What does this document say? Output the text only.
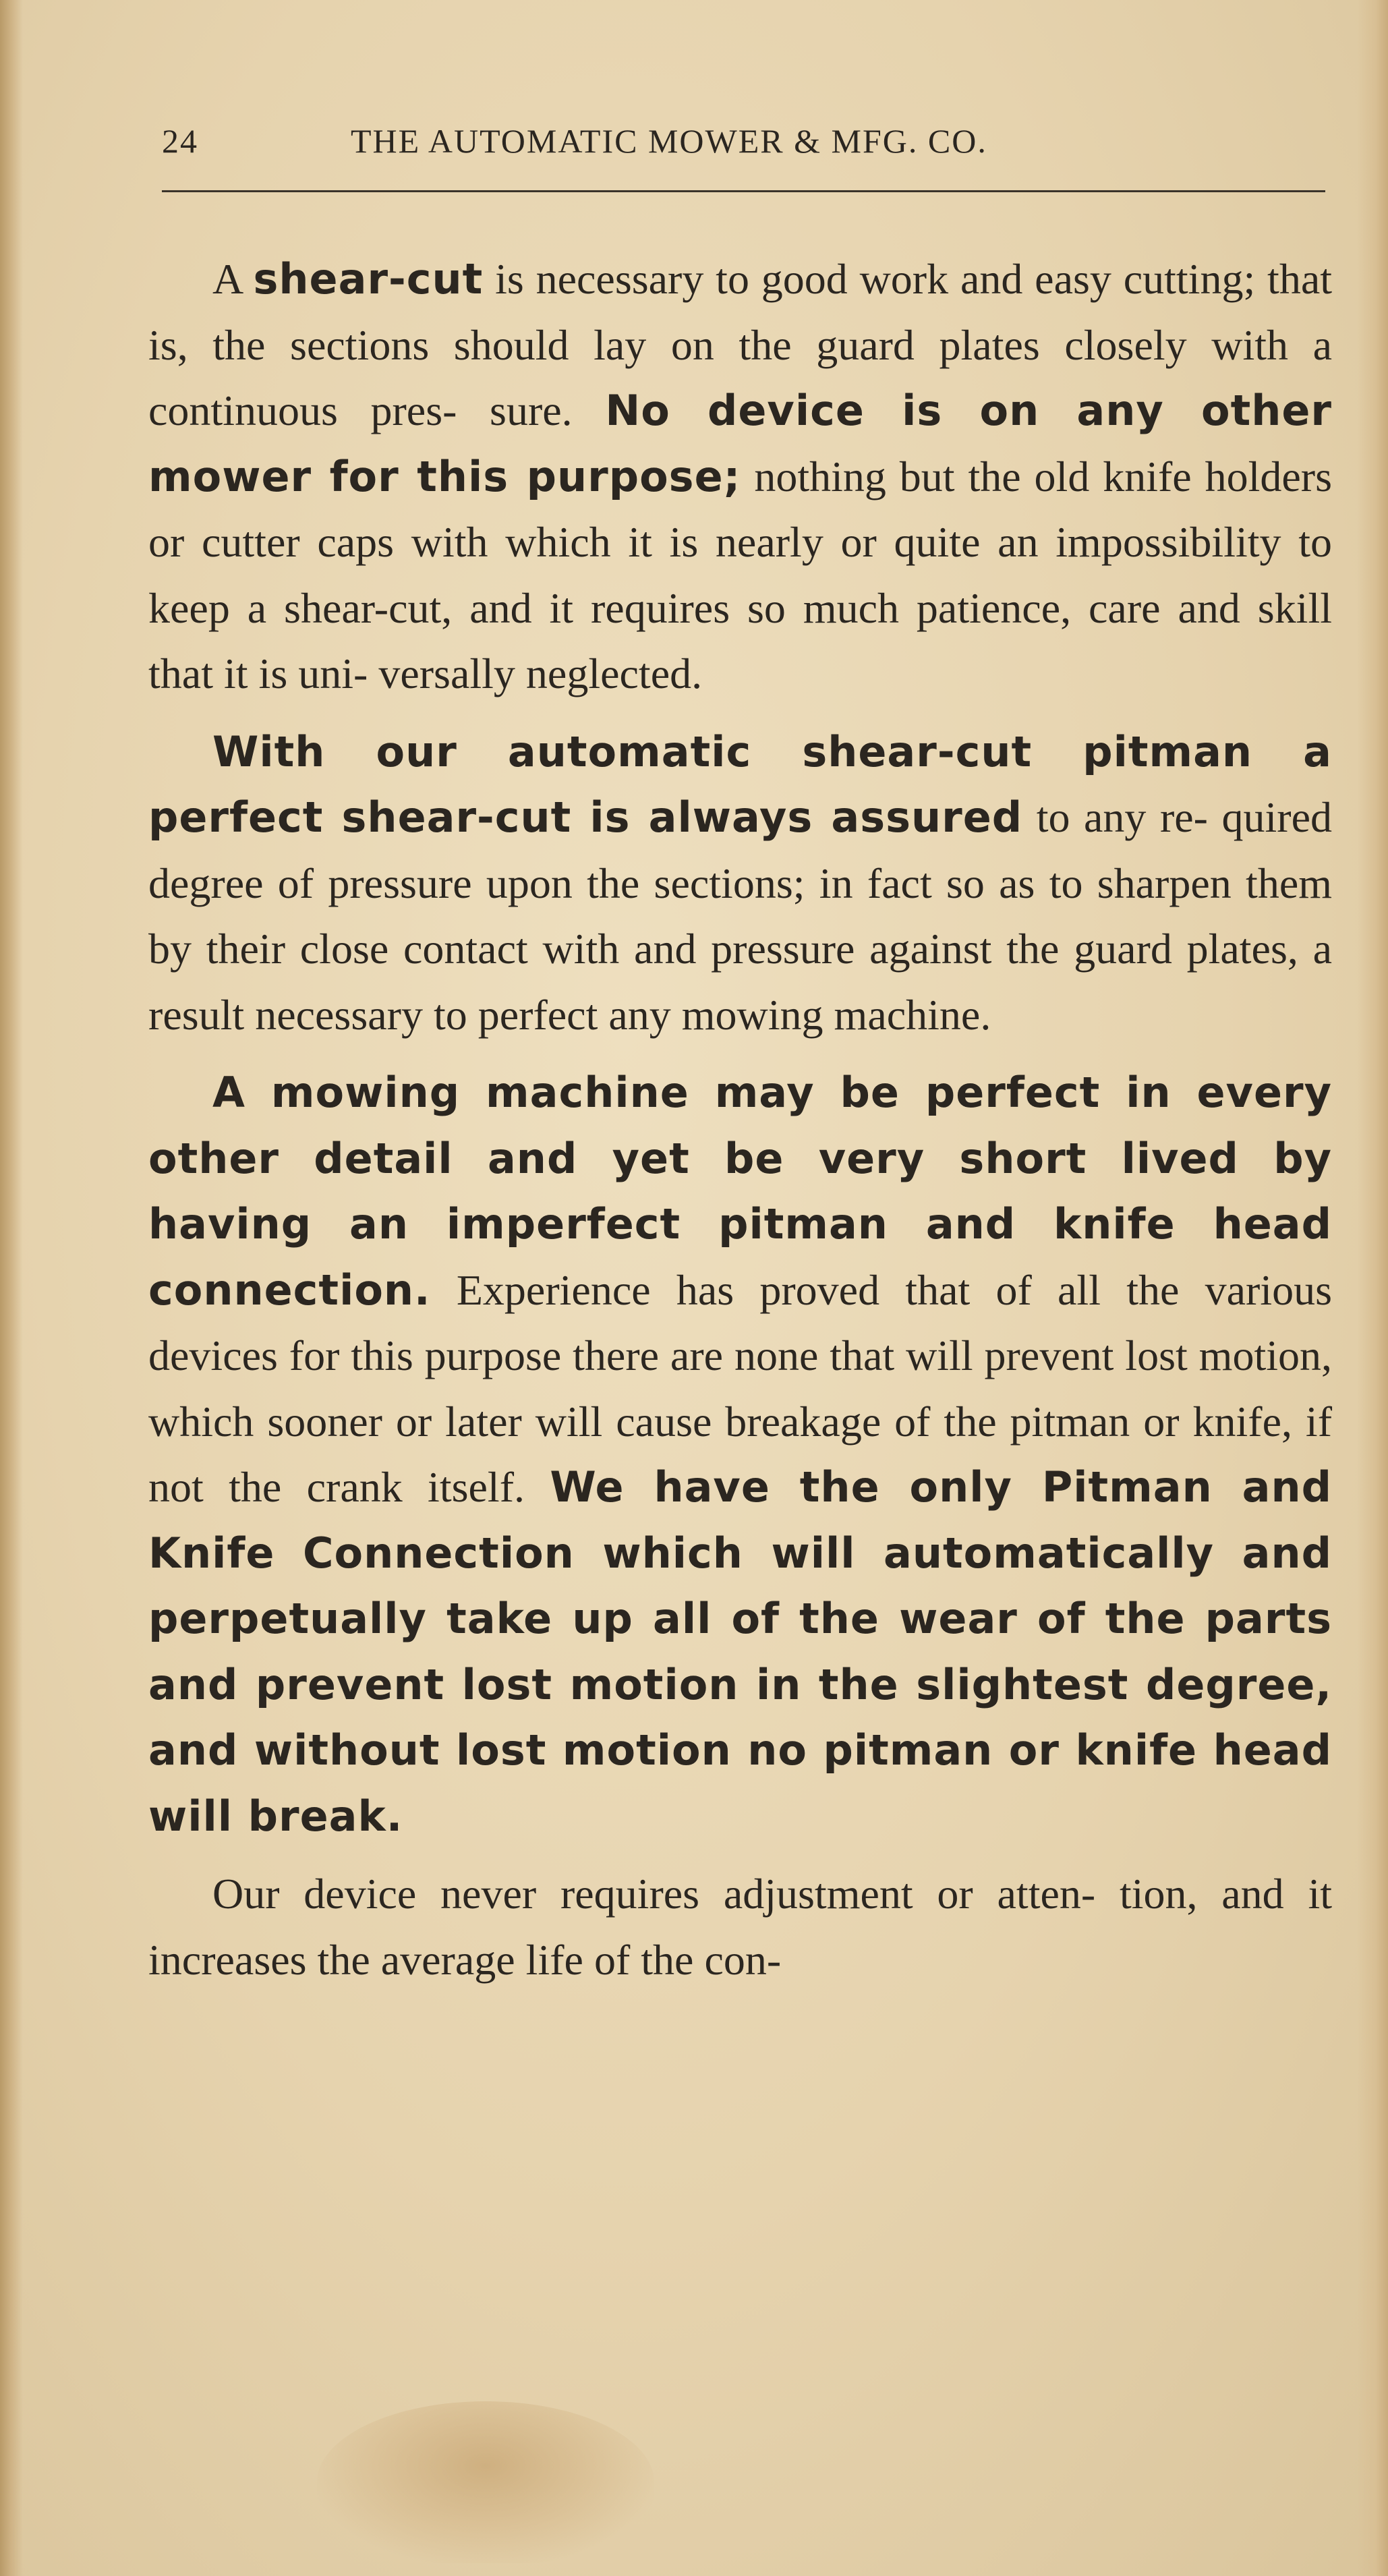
24	THE AUTOMATIC MOWER & MFG. CO.

A shear-cut is necessary to good work and easy cutting; that is, the sections should lay on the guard plates closely with a continuous pres- sure. No device is on any other mower for this purpose; nothing but the old knife holders or cutter caps with which it is nearly or quite an impossibility to keep a shear-cut, and it requires so much patience, care and skill that it is uni- versally neglected.

With our automatic shear-cut pitman a perfect shear-cut is always assured to any re- quired degree of pressure upon the sections; in fact so as to sharpen them by their close contact with and pressure against the guard plates, a result necessary to perfect any mowing machine.

A mowing machine may be perfect in every other detail and yet be very short lived by having an imperfect pitman and knife head connection. Experience has proved that of all the various devices for this purpose there are none that will prevent lost motion, which sooner or later will cause breakage of the pitman or knife, if not the crank itself. We have the only Pitman and Knife Connection which will automatically and perpetually take up all of the wear of the parts and prevent lost motion in the slightest degree, and without lost motion no pitman or knife head will break.

Our device never requires adjustment or atten- tion, and it increases the average life of the con-
